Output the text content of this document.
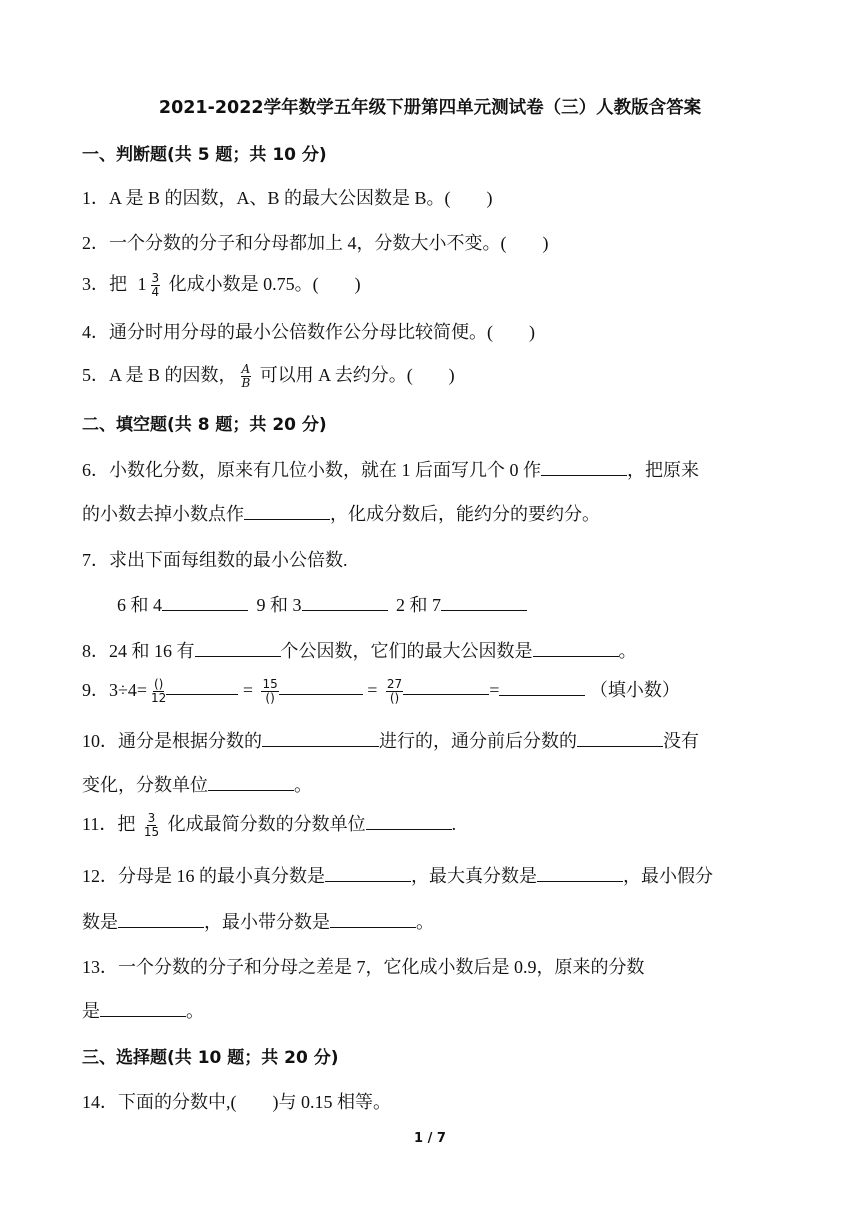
2021-2022学年数学五年级下册第四单元测试卷（三）人教版含答案
一、判断题(共 5 题；共 10 分)
1．A 是 B 的因数，A、B 的最大公因数是 B。(　　)
2．一个分数的分子和分母都加上 4，分数大小不变。(　　)
3．把 $1 \frac{3}{4}$ 化成小数是 0.75。(　　)
4．通分时用分母的最小公倍数作公分母比较简便。(　　)
5．A 是 B 的因数， $\frac{A}{B}$ 可以用 A 去约分。(　　)
二、填空题(共 8 题；共 20 分)
6．小数化分数，原来有几位小数，就在 1 后面写几个 0 作	，把原来
的小数去掉小数点作	，化成分数后，能约分的要约分。
7．求出下面每组数的最小公倍数.
6 和 4	9 和 3	2 和 7
8．24 和 16 有	个公因数，它们的最大公因数是	。
9．$3\div 4= \frac{()}{12}$	= $\frac{15}{()}$	= $\frac{27}{()}$	=	（填小数）
10．通分是根据分数的	进行的，通分前后分数的	没有
变化，分数单位	。
11．把 $\frac{3}{15}$ 化成最简分数的分数单位	.
12．分母是 16 的最小真分数是	，最大真分数是	，最小假分
数是	，最小带分数是	。
13．一个分数的分子和分母之差是 7，它化成小数后是 0.9，原来的分数
是	。
三、选择题(共 10 题；共 20 分)
14．下面的分数中,(　　)与 0.15 相等。
1 / 7
